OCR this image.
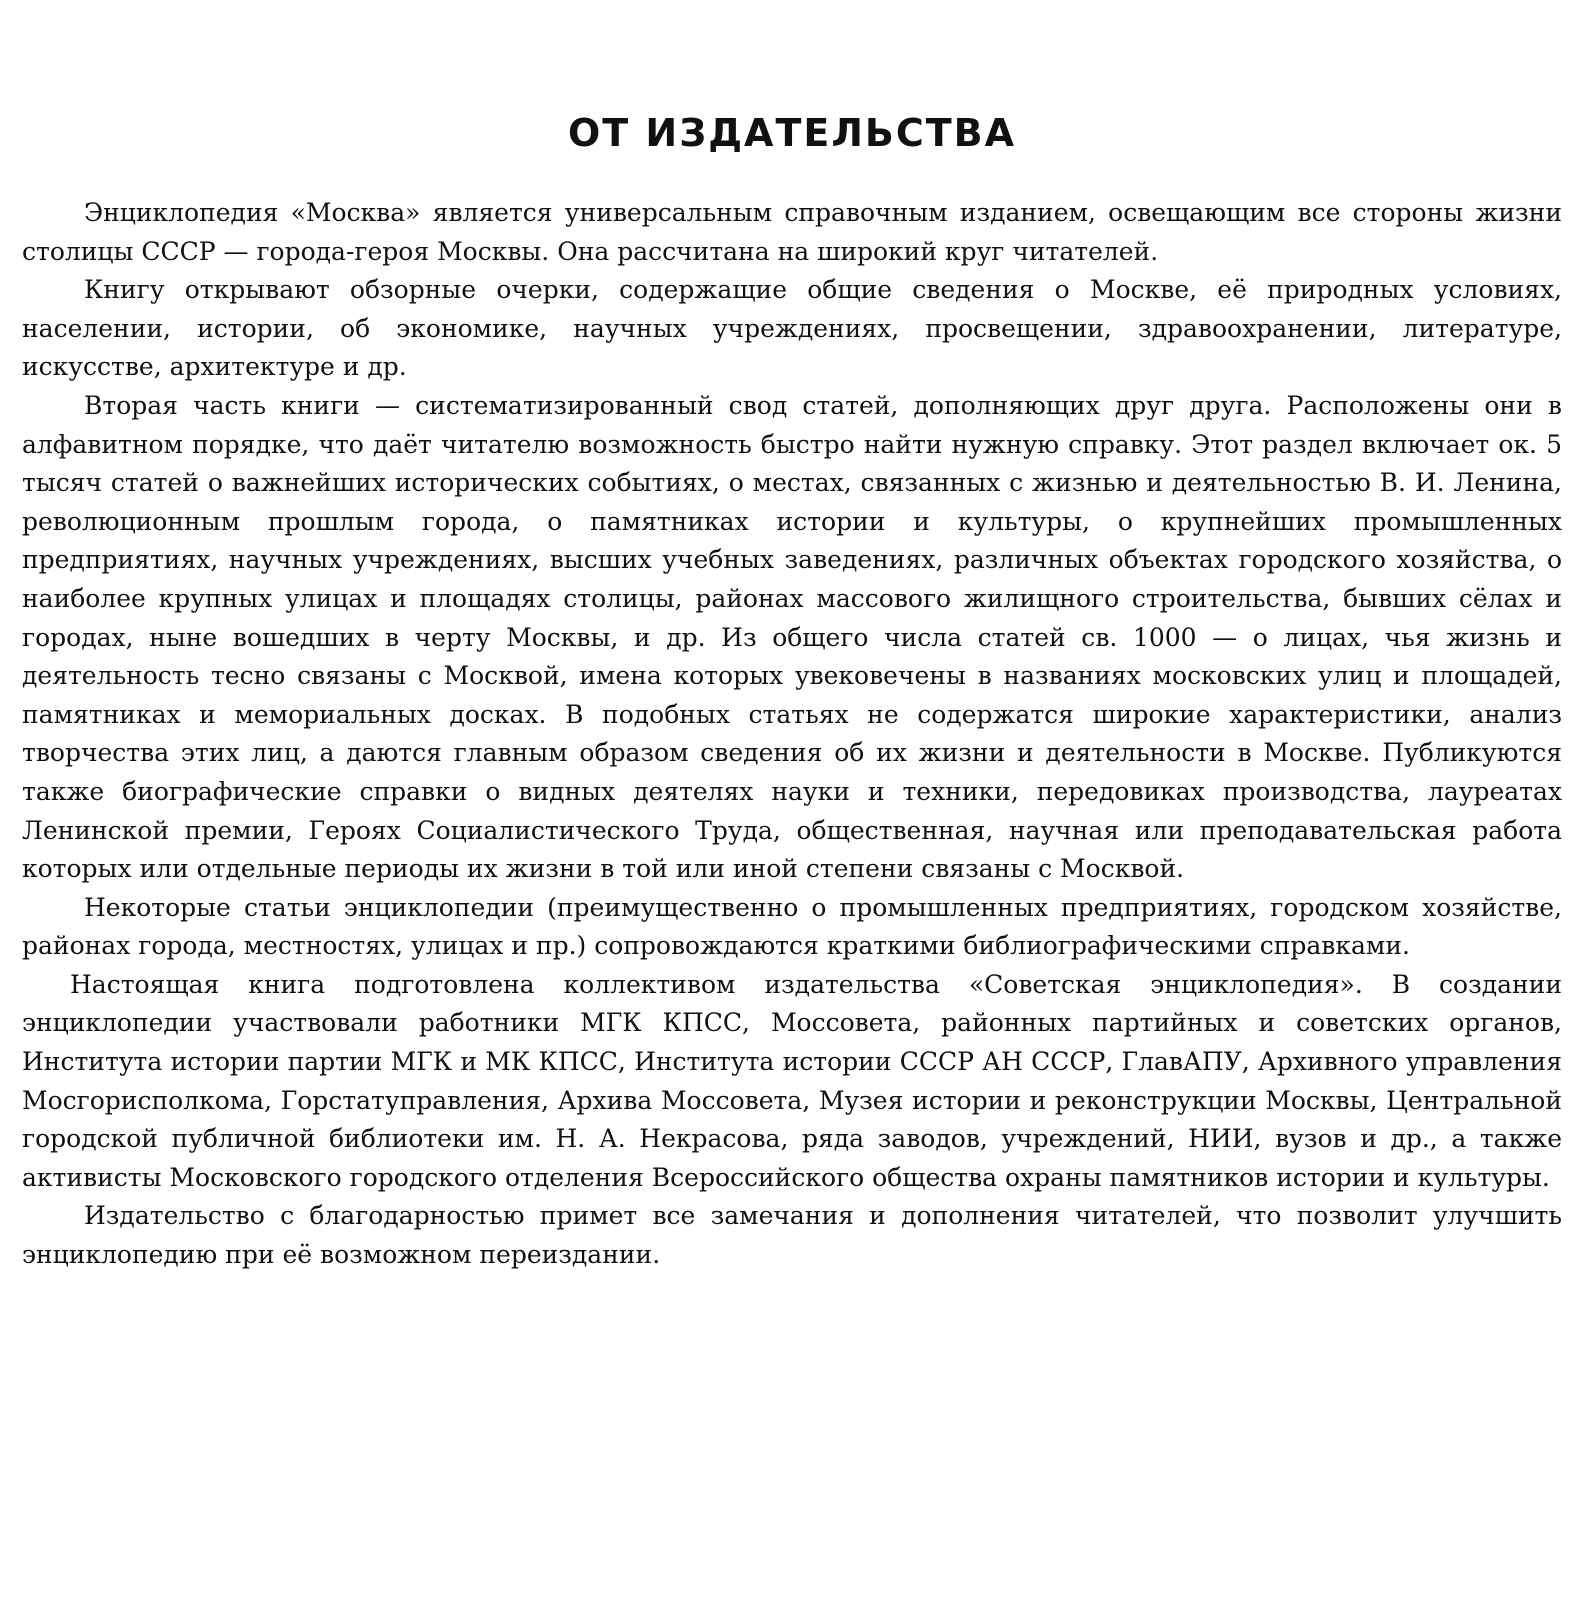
ОТ ИЗДАТЕЛЬСТВА

Энциклопедия «Москва» является универсальным справочным изданием, освещающим все стороны жизни столицы СССР — города-героя Москвы. Она рассчитана на широкий круг читателей.

Книгу открывают обзорные очерки, содержащие общие сведения о Москве, её природных условиях, населении, истории, об экономике, научных учреждениях, просвещении, здравоохранении, литературе, искусстве, архитектуре и др.

Вторая часть книги — систематизированный свод статей, дополняющих друг друга. Расположены они в алфавитном порядке, что даёт читателю возможность быстро найти нужную справку. Этот раздел включает ок. 5 тысяч статей о важнейших исторических событиях, о местах, связанных с жизнью и деятельностью В. И. Ленина, революционным прошлым города, о памятниках истории и культуры, о крупнейших промышленных предприятиях, научных учреждениях, высших учебных заведениях, различных объектах городского хозяйства, о наиболее крупных улицах и площадях столицы, районах массового жилищного строительства, бывших сёлах и городах, ныне вошедших в черту Москвы, и др. Из общего числа статей св. 1000 — о лицах, чья жизнь и деятельность тесно связаны с Москвой, имена которых увековечены в названиях московских улиц и площадей, памятниках и мемориальных досках. В подобных статьях не содержатся широкие характеристики, анализ творчества этих лиц, а даются главным образом сведения об их жизни и деятельности в Москве. Публикуются также биографические справки о видных деятелях науки и техники, передовиках производства, лауреатах Ленинской премии, Героях Социалистического Труда, общественная, научная или преподавательская работа которых или отдельные периоды их жизни в той или иной степени связаны с Москвой.

Некоторые статьи энциклопедии (преимущественно о промышленных предприятиях, городском хозяйстве, районах города, местностях, улицах и пр.) сопровождаются краткими библиографическими справками.

Настоящая книга подготовлена коллективом издательства «Советская энциклопедия». В создании энциклопедии участвовали работники МГК КПСС, Моссовета, районных партийных и советских органов, Института истории партии МГК и МК КПСС, Института истории СССР АН СССР, ГлавАПУ, Архивного управления Мосгорисполкома, Горстатуправления, Архива Моссовета, Музея истории и реконструкции Москвы, Центральной городской публичной библиотеки им. Н. А. Некрасова, ряда заводов, учреждений, НИИ, вузов и др., а также активисты Московского городского отделения Всероссийского общества охраны памятников истории и культуры.

Издательство с благодарностью примет все замечания и дополнения читателей, что позволит улучшить энциклопедию при её возможном переиздании.
